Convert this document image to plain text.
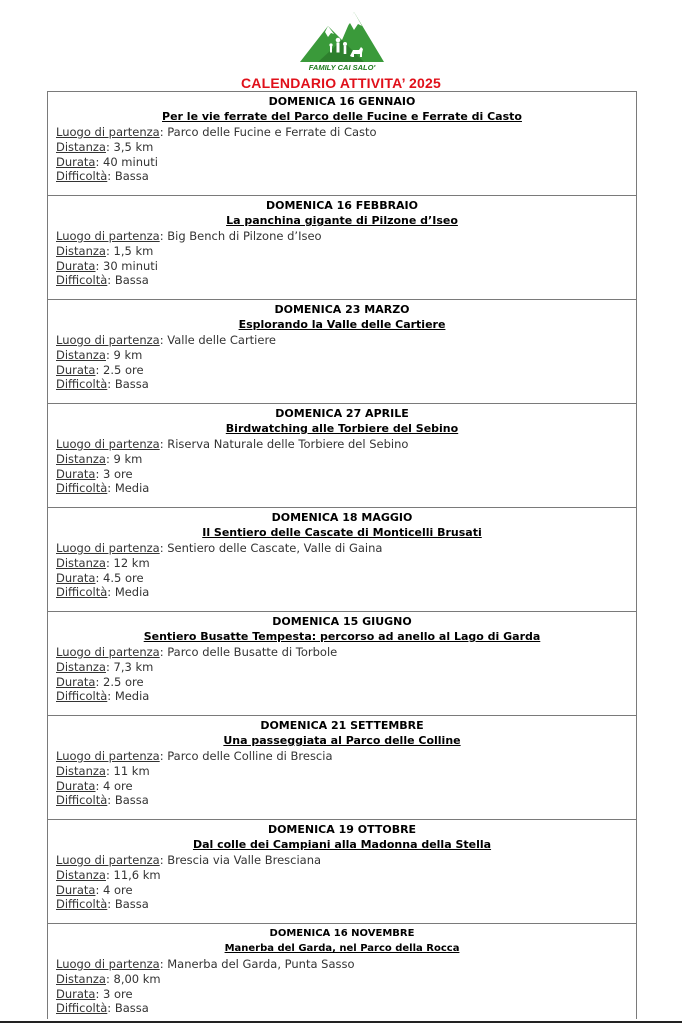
FAMILY CAI SALO'
CALENDARIO ATTIVITA’ 2025
DOMENICA 16 GENNAIO
Per le vie ferrate del Parco delle Fucine e Ferrate di Casto
Luogo di partenza: Parco delle Fucine e Ferrate di Casto
Distanza: 3,5 km
Durata: 40 minuti
Difficoltà: Bassa
DOMENICA 16 FEBBRAIO
La panchina gigante di Pilzone d’Iseo
Luogo di partenza: Big Bench di Pilzone d’Iseo
Distanza: 1,5 km
Durata: 30 minuti
Difficoltà: Bassa
DOMENICA 23 MARZO
Esplorando la Valle delle Cartiere
Luogo di partenza: Valle delle Cartiere
Distanza: 9 km
Durata: 2.5 ore
Difficoltà: Bassa
DOMENICA 27 APRILE
Birdwatching alle Torbiere del Sebino
Luogo di partenza: Riserva Naturale delle Torbiere del Sebino
Distanza: 9 km
Durata: 3 ore
Difficoltà: Media
DOMENICA 18 MAGGIO
Il Sentiero delle Cascate di Monticelli Brusati
Luogo di partenza: Sentiero delle Cascate, Valle di Gaina
Distanza: 12 km
Durata: 4.5 ore
Difficoltà: Media
DOMENICA 15 GIUGNO
Sentiero Busatte Tempesta: percorso ad anello al Lago di Garda
Luogo di partenza: Parco delle Busatte di Torbole
Distanza: 7,3 km
Durata: 2.5 ore
Difficoltà: Media
DOMENICA 21 SETTEMBRE
Una passeggiata al Parco delle Colline
Luogo di partenza: Parco delle Colline di Brescia
Distanza: 11 km
Durata: 4 ore
Difficoltà: Bassa
DOMENICA 19 OTTOBRE
Dal colle dei Campiani alla Madonna della Stella
Luogo di partenza: Brescia via Valle Bresciana
Distanza: 11,6 km
Durata: 4 ore
Difficoltà: Bassa
DOMENICA 16 NOVEMBRE
Manerba del Garda, nel Parco della Rocca
Luogo di partenza: Manerba del Garda, Punta Sasso
Distanza: 8,00 km
Durata: 3 ore
Difficoltà: Bassa
